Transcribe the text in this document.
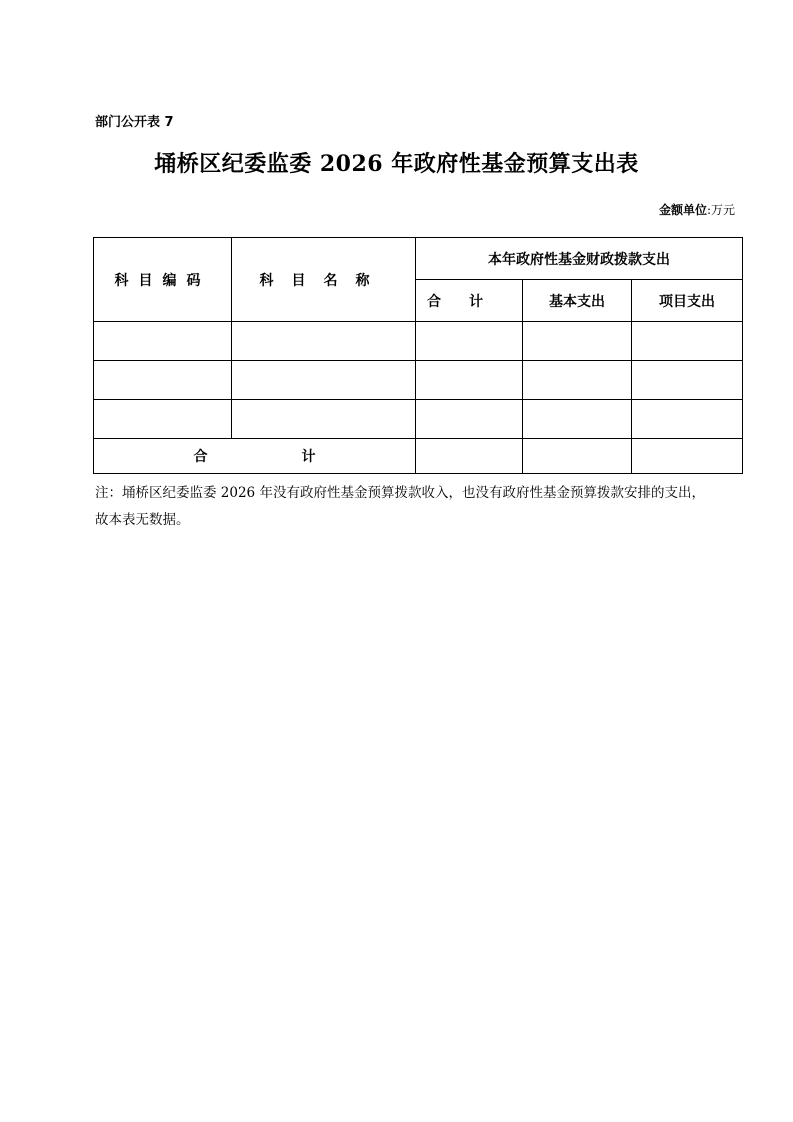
部门公开表 7
埇桥区纪委监委 2026 年政府性基金预算支出表
金额单位:万元
科目编码	科目名称	本年政府性基金财政拨款支出		
		合计	基本支出	项目支出

合计				
注：埇桥区纪委监委 2026 年没有政府性基金预算拨款收入，也没有政府性基金预算拨款安排的支出，
故本表无数据。
